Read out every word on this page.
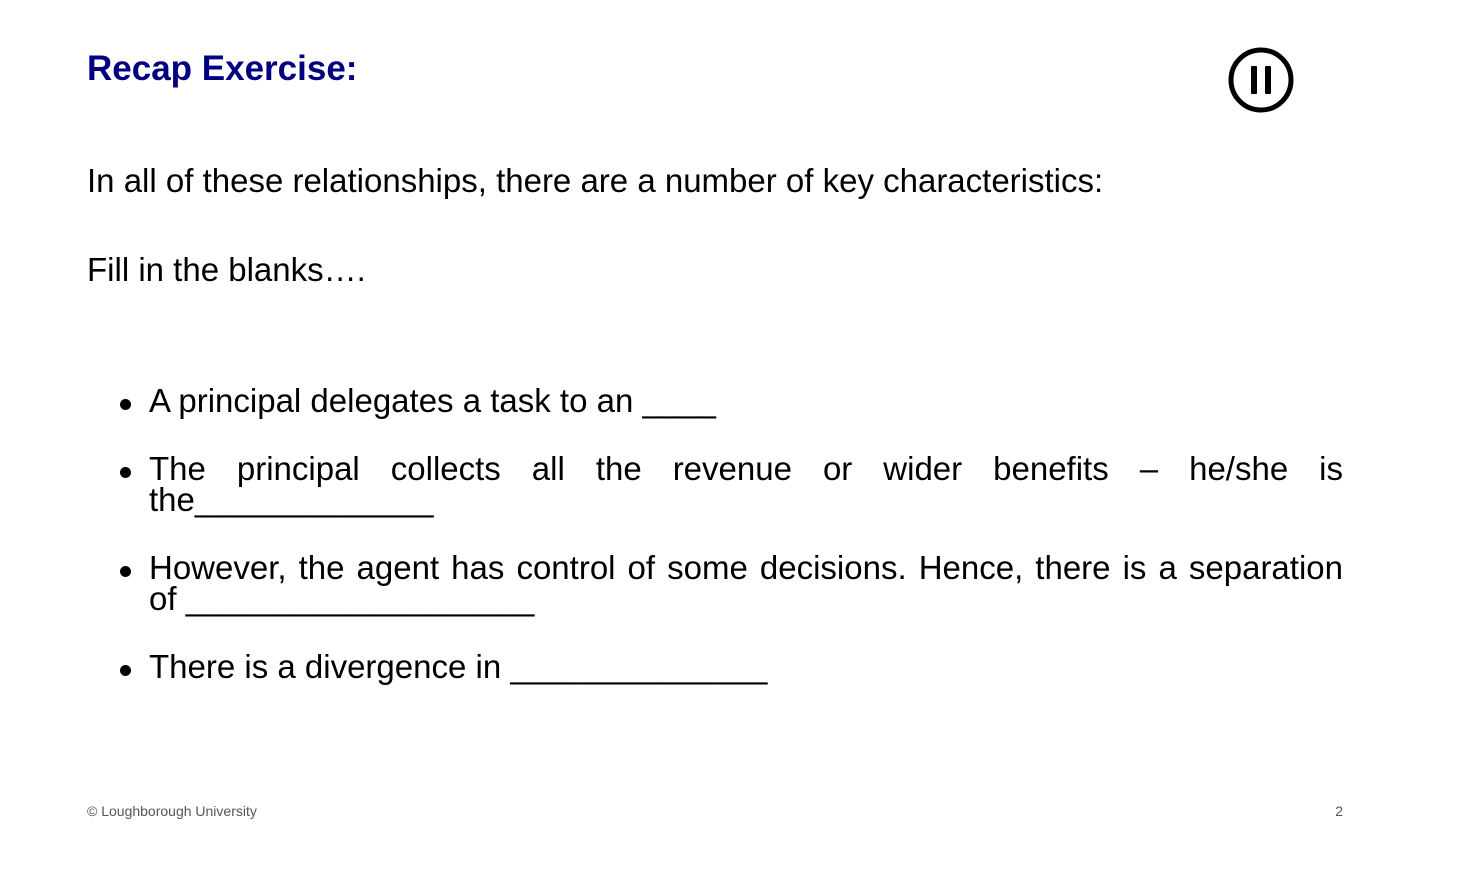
Recap Exercise:

In all of these relationships, there are a number of key characteristics:

Fill in the blanks….

A principal delegates a task to an ____
The principal collects all the revenue or wider benefits – he/she is the_____________
However, the agent has control of some decisions. Hence, there is a separation of ___________________
There is a divergence in ______________

© Loughborough University	2
